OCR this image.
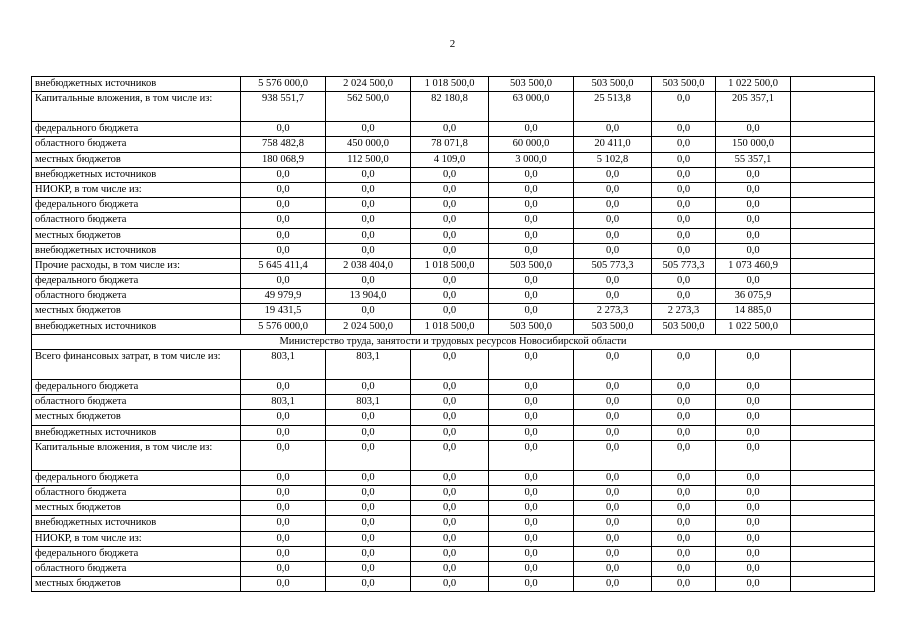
2
внебюджетных источников	5 576 000,0	2 024 500,0	1 018 500,0	503 500,0	503 500,0	503 500,0	1 022 500,0	
Капитальные вложения, в том числе из:	938 551,7	562 500,0	82 180,8	63 000,0	25 513,8	0,0	205 357,1	
федерального бюджета	0,0	0,0	0,0	0,0	0,0	0,0	0,0	
областного бюджета	758 482,8	450 000,0	78 071,8	60 000,0	20 411,0	0,0	150 000,0	
местных бюджетов	180 068,9	112 500,0	4 109,0	3 000,0	5 102,8	0,0	55 357,1	
внебюджетных источников	0,0	0,0	0,0	0,0	0,0	0,0	0,0	
НИОКР, в том числе из:	0,0	0,0	0,0	0,0	0,0	0,0	0,0	
федерального бюджета	0,0	0,0	0,0	0,0	0,0	0,0	0,0	
областного бюджета	0,0	0,0	0,0	0,0	0,0	0,0	0,0	
местных бюджетов	0,0	0,0	0,0	0,0	0,0	0,0	0,0	
внебюджетных источников	0,0	0,0	0,0	0,0	0,0	0,0	0,0	
Прочие расходы, в том числе из:	5 645 411,4	2 038 404,0	1 018 500,0	503 500,0	505 773,3	505 773,3	1 073 460,9	
федерального бюджета	0,0	0,0	0,0	0,0	0,0	0,0	0,0	
областного бюджета	49 979,9	13 904,0	0,0	0,0	0,0	0,0	36 075,9	
местных бюджетов	19 431,5	0,0	0,0	0,0	2 273,3	2 273,3	14 885,0	
внебюджетных источников	5 576 000,0	2 024 500,0	1 018 500,0	503 500,0	503 500,0	503 500,0	1 022 500,0	
Министерство труда, занятости и трудовых ресурсов Новосибирской области								
Всего финансовых затрат, в том числе из:	803,1	803,1	0,0	0,0	0,0	0,0	0,0	
федерального бюджета	0,0	0,0	0,0	0,0	0,0	0,0	0,0	
областного бюджета	803,1	803,1	0,0	0,0	0,0	0,0	0,0	
местных бюджетов	0,0	0,0	0,0	0,0	0,0	0,0	0,0	
внебюджетных источников	0,0	0,0	0,0	0,0	0,0	0,0	0,0	
Капитальные вложения, в том числе из:	0,0	0,0	0,0	0,0	0,0	0,0	0,0	
федерального бюджета	0,0	0,0	0,0	0,0	0,0	0,0	0,0	
областного бюджета	0,0	0,0	0,0	0,0	0,0	0,0	0,0	
местных бюджетов	0,0	0,0	0,0	0,0	0,0	0,0	0,0	
внебюджетных источников	0,0	0,0	0,0	0,0	0,0	0,0	0,0	
НИОКР, в том числе из:	0,0	0,0	0,0	0,0	0,0	0,0	0,0	
федерального бюджета	0,0	0,0	0,0	0,0	0,0	0,0	0,0	
областного бюджета	0,0	0,0	0,0	0,0	0,0	0,0	0,0	
местных бюджетов	0,0	0,0	0,0	0,0	0,0	0,0	0,0	
